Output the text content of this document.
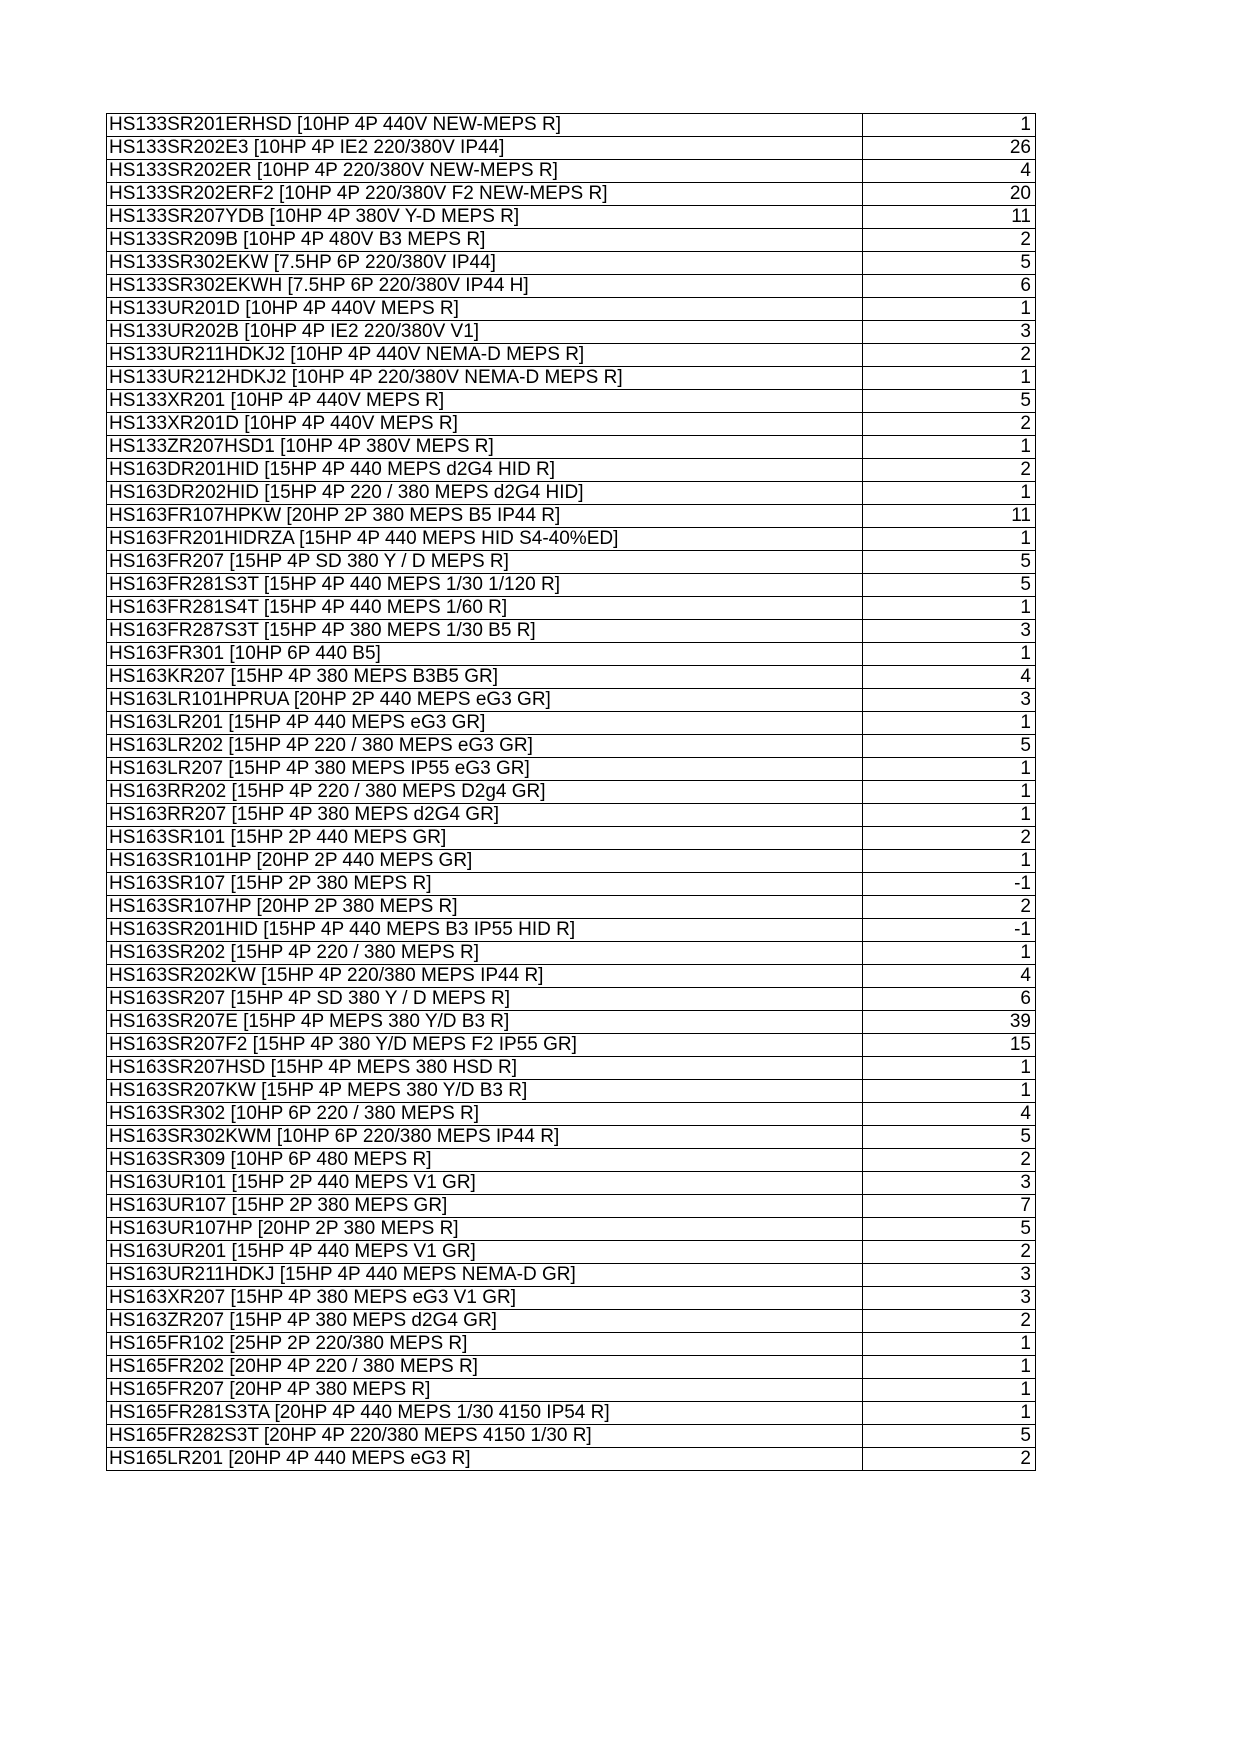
HS133SR201ERHSD [10HP 4P 440V NEW-MEPS R]	1
HS133SR202E3 [10HP 4P IE2 220/380V IP44]	26
HS133SR202ER [10HP 4P 220/380V NEW-MEPS R]	4
HS133SR202ERF2 [10HP 4P 220/380V F2 NEW-MEPS R]	20
HS133SR207YDB [10HP 4P 380V Y-D MEPS R]	11
HS133SR209B [10HP 4P 480V B3 MEPS R]	2
HS133SR302EKW [7.5HP 6P 220/380V IP44]	5
HS133SR302EKWH [7.5HP 6P 220/380V IP44 H]	6
HS133UR201D [10HP 4P 440V MEPS R]	1
HS133UR202B [10HP 4P IE2 220/380V V1]	3
HS133UR211HDKJ2 [10HP 4P 440V NEMA-D MEPS R]	2
HS133UR212HDKJ2 [10HP 4P 220/380V NEMA-D MEPS R]	1
HS133XR201 [10HP 4P 440V MEPS R]	5
HS133XR201D [10HP 4P 440V MEPS R]	2
HS133ZR207HSD1 [10HP 4P 380V MEPS R]	1
HS163DR201HID [15HP 4P 440 MEPS d2G4 HID R]	2
HS163DR202HID [15HP 4P 220 / 380 MEPS d2G4 HID]	1
HS163FR107HPKW [20HP 2P 380 MEPS B5 IP44 R]	11
HS163FR201HIDRZA [15HP 4P 440 MEPS HID S4-40%ED]	1
HS163FR207 [15HP 4P SD 380 Y / D MEPS R]	5
HS163FR281S3T [15HP 4P 440 MEPS 1/30 1/120 R]	5
HS163FR281S4T [15HP 4P 440 MEPS 1/60 R]	1
HS163FR287S3T [15HP 4P 380 MEPS 1/30 B5 R]	3
HS163FR301 [10HP 6P 440 B5]	1
HS163KR207 [15HP 4P 380 MEPS B3B5 GR]	4
HS163LR101HPRUA [20HP 2P 440 MEPS eG3 GR]	3
HS163LR201 [15HP 4P 440 MEPS eG3 GR]	1
HS163LR202 [15HP 4P 220 / 380 MEPS eG3 GR]	5
HS163LR207 [15HP 4P 380 MEPS IP55 eG3 GR]	1
HS163RR202 [15HP 4P 220 / 380 MEPS D2g4 GR]	1
HS163RR207 [15HP 4P 380 MEPS d2G4 GR]	1
HS163SR101 [15HP 2P 440 MEPS GR]	2
HS163SR101HP [20HP 2P 440 MEPS GR]	1
HS163SR107 [15HP 2P 380 MEPS R]	-1
HS163SR107HP [20HP 2P 380 MEPS R]	2
HS163SR201HID [15HP 4P 440 MEPS B3 IP55 HID R]	-1
HS163SR202 [15HP 4P 220 / 380 MEPS R]	1
HS163SR202KW [15HP 4P 220/380 MEPS IP44 R]	4
HS163SR207 [15HP 4P SD 380 Y / D MEPS R]	6
HS163SR207E [15HP 4P MEPS 380 Y/D B3 R]	39
HS163SR207F2 [15HP 4P 380 Y/D MEPS F2 IP55 GR]	15
HS163SR207HSD [15HP 4P MEPS 380 HSD R]	1
HS163SR207KW [15HP 4P MEPS 380 Y/D B3 R]	1
HS163SR302 [10HP 6P 220 / 380 MEPS R]	4
HS163SR302KWM [10HP 6P 220/380 MEPS IP44 R]	5
HS163SR309 [10HP 6P 480 MEPS R]	2
HS163UR101 [15HP 2P 440 MEPS V1 GR]	3
HS163UR107 [15HP 2P 380 MEPS GR]	7
HS163UR107HP [20HP 2P 380 MEPS R]	5
HS163UR201 [15HP 4P 440 MEPS V1 GR]	2
HS163UR211HDKJ [15HP 4P 440 MEPS NEMA-D GR]	3
HS163XR207 [15HP 4P 380 MEPS eG3 V1 GR]	3
HS163ZR207 [15HP 4P 380 MEPS d2G4 GR]	2
HS165FR102 [25HP 2P 220/380 MEPS R]	1
HS165FR202 [20HP 4P 220 / 380 MEPS R]	1
HS165FR207 [20HP 4P 380 MEPS R]	1
HS165FR281S3TA [20HP 4P 440 MEPS 1/30 4150 IP54 R]	1
HS165FR282S3T [20HP 4P 220/380 MEPS 4150 1/30 R]	5
HS165LR201 [20HP 4P 440 MEPS eG3 R]	2
